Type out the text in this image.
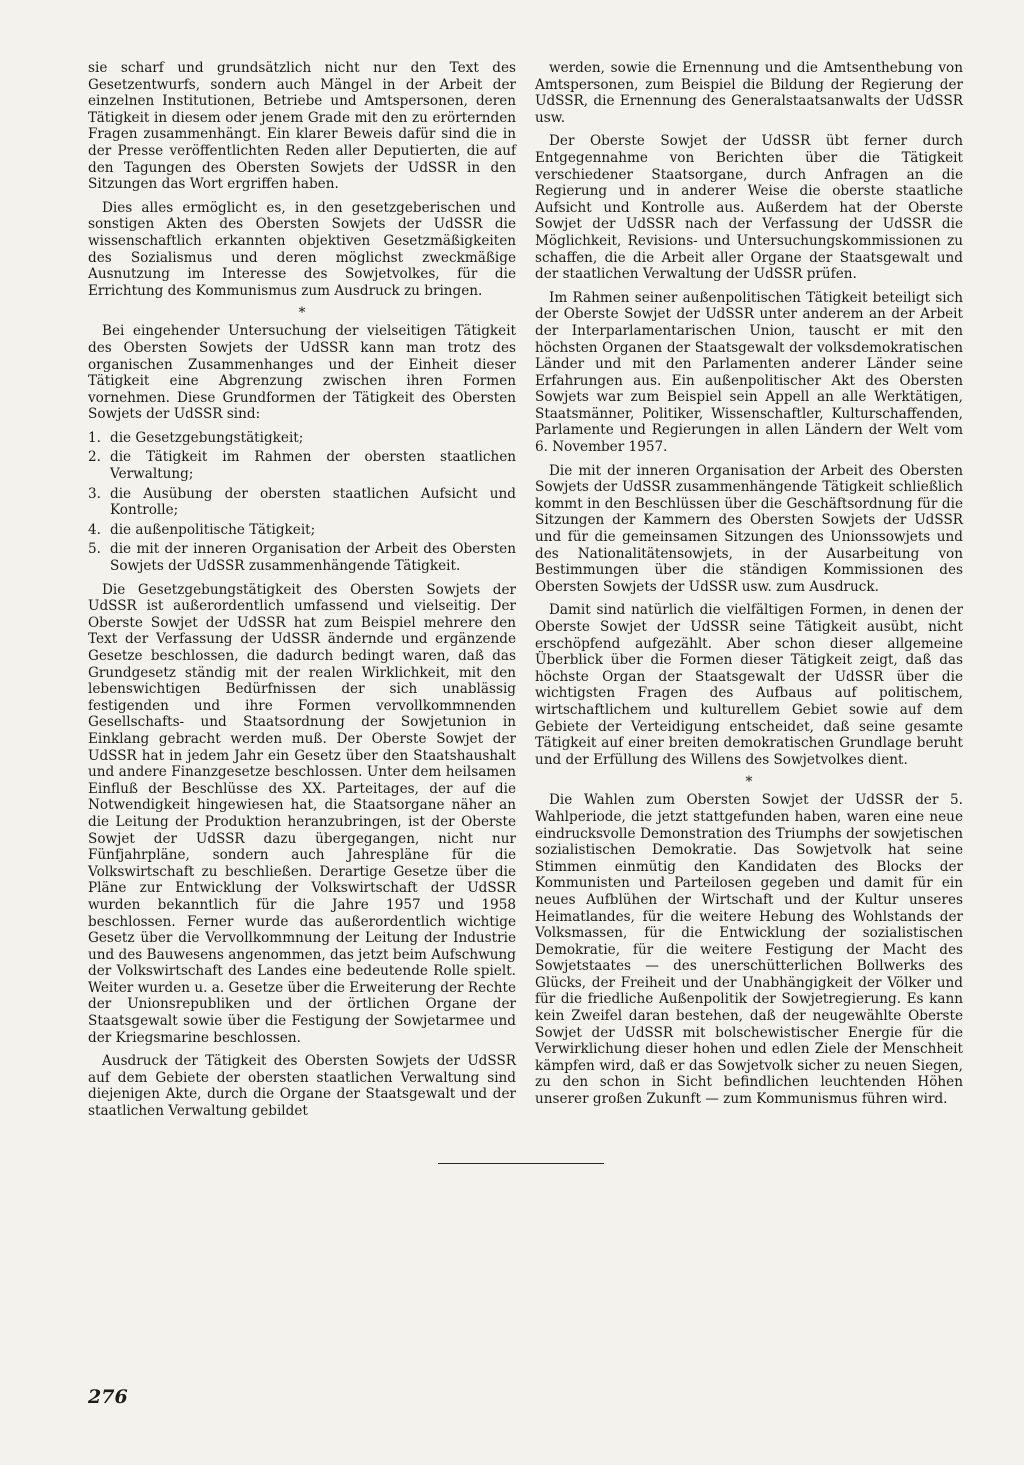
sie scharf und grundsätzlich nicht nur den Text des Gesetzentwurfs, sondern auch Mängel in der Arbeit der einzelnen Institutionen, Betriebe und Amtspersonen, deren Tätigkeit in diesem oder jenem Grade mit den zu erörternden Fragen zusammenhängt. Ein klarer Beweis dafür sind die in der Presse veröffentlichten Reden aller Deputierten, die auf den Tagungen des Obersten Sowjets der UdSSR in den Sitzungen das Wort ergriffen haben.

Dies alles ermöglicht es, in den gesetzgeberischen und sonstigen Akten des Obersten Sowjets der UdSSR die wissenschaftlich erkannten objektiven Gesetzmäßigkeiten des Sozialismus und deren möglichst zweckmäßige Ausnutzung im Interesse des Sowjetvolkes, für die Errichtung des Kommunismus zum Ausdruck zu bringen.

*

Bei eingehender Untersuchung der vielseitigen Tätigkeit des Obersten Sowjets der UdSSR kann man trotz des organischen Zusammenhanges und der Einheit dieser Tätigkeit eine Abgrenzung zwischen ihren Formen vornehmen. Diese Grundformen der Tätigkeit des Obersten Sowjets der UdSSR sind:

1. die Gesetzgebungstätigkeit;
2. die Tätigkeit im Rahmen der obersten staatlichen Verwaltung;
3. die Ausübung der obersten staatlichen Aufsicht und Kontrolle;
4. die außenpolitische Tätigkeit;
5. die mit der inneren Organisation der Arbeit des Obersten Sowjets der UdSSR zusammenhängende Tätigkeit.

Die Gesetzgebungstätigkeit des Obersten Sowjets der UdSSR ist außerordentlich umfassend und vielseitig. Der Oberste Sowjet der UdSSR hat zum Beispiel mehrere den Text der Verfassung der UdSSR ändernde und ergänzende Gesetze beschlossen, die dadurch bedingt waren, daß das Grundgesetz ständig mit der realen Wirklichkeit, mit den lebenswichtigen Bedürfnissen der sich unablässig festigenden und ihre Formen vervollkommnenden Gesellschafts- und Staatsordnung der Sowjetunion in Einklang gebracht werden muß. Der Oberste Sowjet der UdSSR hat in jedem Jahr ein Gesetz über den Staatshaushalt und andere Finanzgesetze beschlossen. Unter dem heilsamen Einfluß der Beschlüsse des XX. Parteitages, der auf die Notwendigkeit hingewiesen hat, die Staatsorgane näher an die Leitung der Produktion heranzubringen, ist der Oberste Sowjet der UdSSR dazu übergegangen, nicht nur Fünfjahrpläne, sondern auch Jahrespläne für die Volkswirtschaft zu beschließen. Derartige Gesetze über die Pläne zur Entwicklung der Volkswirtschaft der UdSSR wurden bekanntlich für die Jahre 1957 und 1958 beschlossen. Ferner wurde das außerordentlich wichtige Gesetz über die Vervollkommnung der Leitung der Industrie und des Bauwesens angenommen, das jetzt beim Aufschwung der Volkswirtschaft des Landes eine bedeutende Rolle spielt. Weiter wurden u. a. Gesetze über die Erweiterung der Rechte der Unionsrepubliken und der örtlichen Organe der Staatsgewalt sowie über die Festigung der Sowjetarmee und der Kriegsmarine beschlossen.

Ausdruck der Tätigkeit des Obersten Sowjets der UdSSR auf dem Gebiete der obersten staatlichen Verwaltung sind diejenigen Akte, durch die Organe der Staatsgewalt und der staatlichen Verwaltung gebildet

werden, sowie die Ernennung und die Amtsenthebung von Amtspersonen, zum Beispiel die Bildung der Regierung der UdSSR, die Ernennung des Generalstaatsanwalts der UdSSR usw.

Der Oberste Sowjet der UdSSR übt ferner durch Entgegennahme von Berichten über die Tätigkeit verschiedener Staatsorgane, durch Anfragen an die Regierung und in anderer Weise die oberste staatliche Aufsicht und Kontrolle aus. Außerdem hat der Oberste Sowjet der UdSSR nach der Verfassung der UdSSR die Möglichkeit, Revisions- und Untersuchungskommissionen zu schaffen, die die Arbeit aller Organe der Staatsgewalt und der staatlichen Verwaltung der UdSSR prüfen.

Im Rahmen seiner außenpolitischen Tätigkeit beteiligt sich der Oberste Sowjet der UdSSR unter anderem an der Arbeit der Interparlamentarischen Union, tauscht er mit den höchsten Organen der Staatsgewalt der volksdemokratischen Länder und mit den Parlamenten anderer Länder seine Erfahrungen aus. Ein außenpolitischer Akt des Obersten Sowjets war zum Beispiel sein Appell an alle Werktätigen, Staatsmänner, Politiker, Wissenschaftler, Kulturschaffenden, Parlamente und Regierungen in allen Ländern der Welt vom 6. November 1957.

Die mit der inneren Organisation der Arbeit des Obersten Sowjets der UdSSR zusammenhängende Tätigkeit schließlich kommt in den Beschlüssen über die Geschäftsordnung für die Sitzungen der Kammern des Obersten Sowjets der UdSSR und für die gemeinsamen Sitzungen des Unionssowjets und des Nationalitätensowjets, in der Ausarbeitung von Bestimmungen über die ständigen Kommissionen des Obersten Sowjets der UdSSR usw. zum Ausdruck.

Damit sind natürlich die vielfältigen Formen, in denen der Oberste Sowjet der UdSSR seine Tätigkeit ausübt, nicht erschöpfend aufgezählt. Aber schon dieser allgemeine Überblick über die Formen dieser Tätigkeit zeigt, daß das höchste Organ der Staatsgewalt der UdSSR über die wichtigsten Fragen des Aufbaus auf politischem, wirtschaftlichem und kulturellem Gebiet sowie auf dem Gebiete der Verteidigung entscheidet, daß seine gesamte Tätigkeit auf einer breiten demokratischen Grundlage beruht und der Erfüllung des Willens des Sowjetvolkes dient.

*

Die Wahlen zum Obersten Sowjet der UdSSR der 5. Wahlperiode, die jetzt stattgefunden haben, waren eine neue eindrucksvolle Demonstration des Triumphs der sowjetischen sozialistischen Demokratie. Das Sowjetvolk hat seine Stimmen einmütig den Kandidaten des Blocks der Kommunisten und Parteilosen gegeben und damit für ein neues Aufblühen der Wirtschaft und der Kultur unseres Heimatlandes, für die weitere Hebung des Wohlstands der Volksmassen, für die Entwicklung der sozialistischen Demokratie, für die weitere Festigung der Macht des Sowjetstaates — des unerschütterlichen Bollwerks des Glücks, der Freiheit und der Unabhängigkeit der Völker und für die friedliche Außenpolitik der Sowjetregierung. Es kann kein Zweifel daran bestehen, daß der neugewählte Oberste Sowjet der UdSSR mit bolschewistischer Energie für die Verwirklichung dieser hohen und edlen Ziele der Menschheit kämpfen wird, daß er das Sowjetvolk sicher zu neuen Siegen, zu den schon in Sicht befindlichen leuchtenden Höhen unserer großen Zukunft — zum Kommunismus führen wird.

276
